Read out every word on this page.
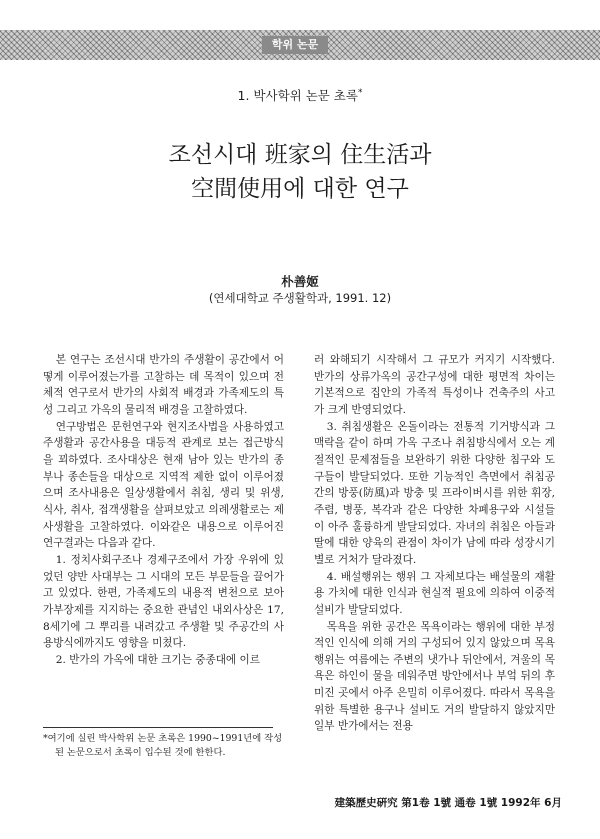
학위 논문
1. 박사학위 논문 초록*
조선시대 班家의 住生活과
空間使用에 대한 연구
朴善姬
(연세대학교 주생활학과, 1991. 12)

본 연구는 조선시대 반가의 주생활이 공간에서 어떻게 이루어졌는가를 고찰하는 데 목적이 있으며 전체적 연구로서 반가의 사회적 배경과 가족제도의 특성 그리고 가옥의 물리적 배경을 고찰하였다.

연구방법은 문헌연구와 현지조사법을 사용하였고 주생활과 공간사용을 대등적 관계로 보는 접근방식을 꾀하였다. 조사대상은 현재 남아 있는 반가의 종부나 종손들을 대상으로 지역적 제한 없이 이루어졌으며 조사내용은 일상생활에서 취침, 생리 및 위생, 식사, 취사, 접객생활을 살펴보았고 의례생활로는 제사생활을 고찰하였다. 이와같은 내용으로 이루어진 연구결과는 다음과 같다.

1. 정치사회구조나 경제구조에서 가장 우위에 있었던 양반 사대부는 그 시대의 모든 부문들을 끌어가고 있었다. 한편, 가족제도의 내용적 변천으로 보아 가부장제를 지지하는 중요한 관념인 내외사상은 17, 8세기에 그 뿌리를 내려갔고 주생활 및 주공간의 사용방식에까지도 영향을 미쳤다.

2. 반가의 가옥에 대한 크기는 중종대에 이르

러 와해되기 시작해서 그 규모가 커지기 시작했다. 반가의 상류가옥의 공간구성에 대한 평면적 차이는 기본적으로 집안의 가족적 특성이나 건축주의 사고가 크게 반영되었다.

3. 취침생활은 온돌이라는 전통적 기거방식과 그 맥락을 같이 하며 가옥 구조나 취침방식에서 오는 계절적인 문제점들을 보완하기 위한 다양한 침구와 도구들이 발달되었다. 또한 기능적인 측면에서 취침공간의 방풍(防風)과 방충 및 프라이버시를 위한 휘장, 주렴, 병풍, 복각과 같은 다양한 차폐용구와 시설들이 아주 훌륭하게 발달되었다. 자녀의 취침은 아들과 딸에 대한 양육의 관점이 차이가 남에 따라 성장시기별로 거처가 달라졌다.

4. 배설행위는 행위 그 자체보다는 배설물의 재활용 가치에 대한 인식과 현실적 필요에 의하여 이중적 설비가 발달되었다.

목욕을 위한 공간은 목욕이라는 행위에 대한 부정적인 인식에 의해 거의 구성되어 있지 않았으며 목욕행위는 여름에는 주변의 냇가나 뒤안에서, 겨울의 목욕은 하인이 물을 데워주면 방안에서나 부엌 뒤의 후미진 곳에서 아주 은밀히 이루어졌다. 따라서 목욕을 위한 특별한 용구나 설비도 거의 발달하지 않았지만 일부 반가에서는 전용

*여기에 실린 박사학위 논문 초록은 1990~1991년에 작성된 논문으로서 초록이 입수된 것에 한한다.

建築歷史硏究 第1卷 1號 通卷 1號 1992年 6月
